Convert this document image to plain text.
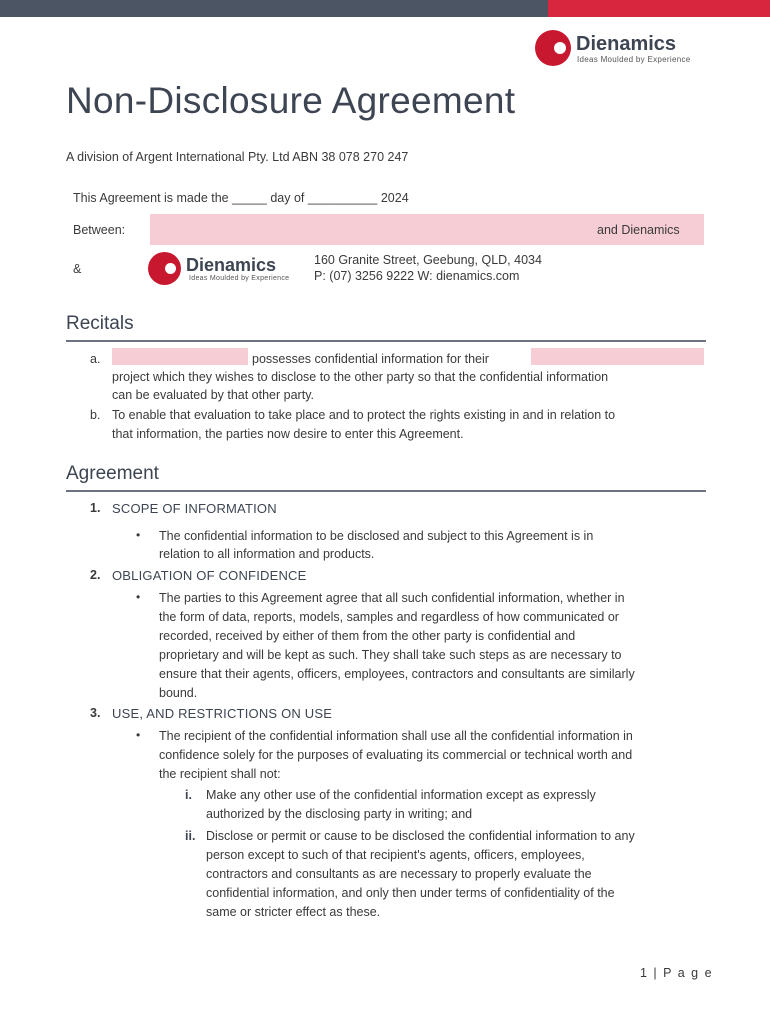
Dienamics
Ideas Moulded by Experience
Non-Disclosure Agreement
A division of Argent International Pty. Ltd ABN 38 078 270 247
This Agreement is made the _____ day of __________ 2024
Between:	and Dienamics
&	Dienamics
Ideas Moulded by Experience
160 Granite Street, Geebung, QLD, 4034
P: (07) 3256 9222 W: dienamics.com
Recitals
a.	possesses confidential information for their
project which they wishes to disclose to the other party so that the confidential information
can be evaluated by that other party.
b. To enable that evaluation to take place and to protect the rights existing in and in relation to
that information, the parties now desire to enter this Agreement.
Agreement
1. SCOPE OF INFORMATION
• The confidential information to be disclosed and subject to this Agreement is in
relation to all information and products.
2. OBLIGATION OF CONFIDENCE
• The parties to this Agreement agree that all such confidential information, whether in
the form of data, reports, models, samples and regardless of how communicated or
recorded, received by either of them from the other party is confidential and
proprietary and will be kept as such. They shall take such steps as are necessary to
ensure that their agents, officers, employees, contractors and consultants are similarly
bound.
3. USE, AND RESTRICTIONS ON USE
• The recipient of the confidential information shall use all the confidential information in
confidence solely for the purposes of evaluating its commercial or technical worth and
the recipient shall not:
i. Make any other use of the confidential information except as expressly
authorized by the disclosing party in writing; and
ii. Disclose or permit or cause to be disclosed the confidential information to any
person except to such of that recipient's agents, officers, employees,
contractors and consultants as are necessary to properly evaluate the
confidential information, and only then under terms of confidentiality of the
same or stricter effect as these.
1 | P a g e
